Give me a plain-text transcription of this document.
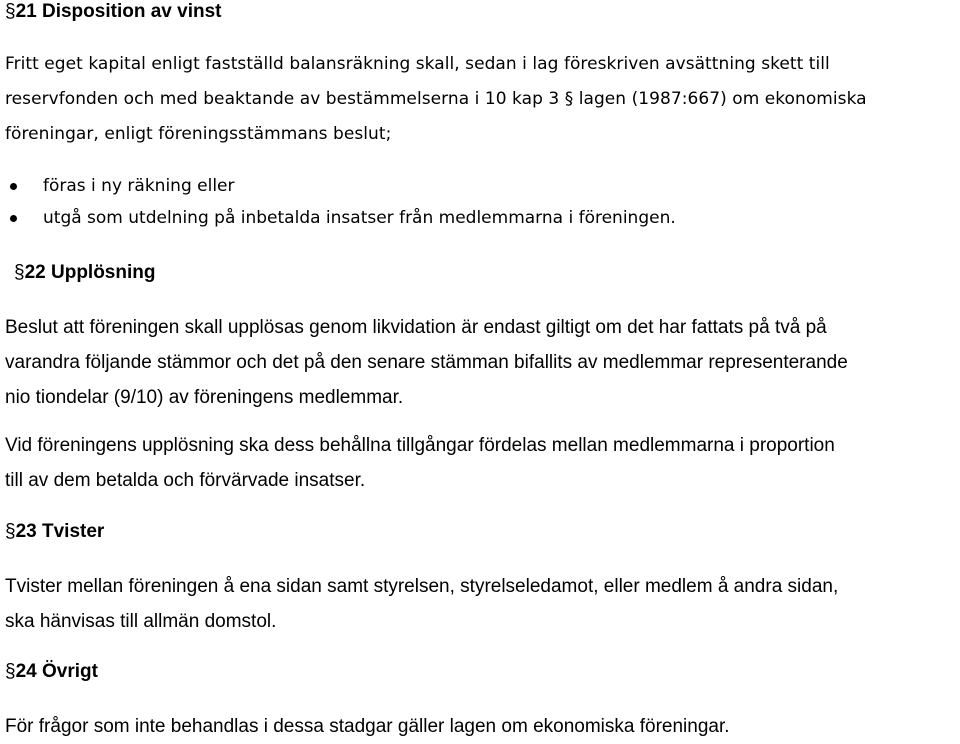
§21 Disposition av vinst

Fritt eget kapital enligt fastställd balansräkning skall, sedan i lag föreskriven avsättning skett till
reservfonden och med beaktande av bestämmelserna i 10 kap 3 § lagen (1987:667) om ekonomiska
föreningar, enligt föreningsstämmans beslut;

föras i ny räkning eller
utgå som utdelning på inbetalda insatser från medlemmarna i föreningen.
§22 Upplösning

Beslut att föreningen skall upplösas genom likvidation är endast giltigt om det har fattats på två på
varandra följande stämmor och det på den senare stämman bifallits av medlemmar representerande
nio tiondelar (9/10) av föreningens medlemmar.

Vid föreningens upplösning ska dess behållna tillgångar fördelas mellan medlemmarna i proportion
till av dem betalda och förvärvade insatser.

§23 Tvister

Tvister mellan föreningen å ena sidan samt styrelsen, styrelseledamot, eller medlem å andra sidan,
ska hänvisas till allmän domstol.

§24 Övrigt

För frågor som inte behandlas i dessa stadgar gäller lagen om ekonomiska föreningar.
